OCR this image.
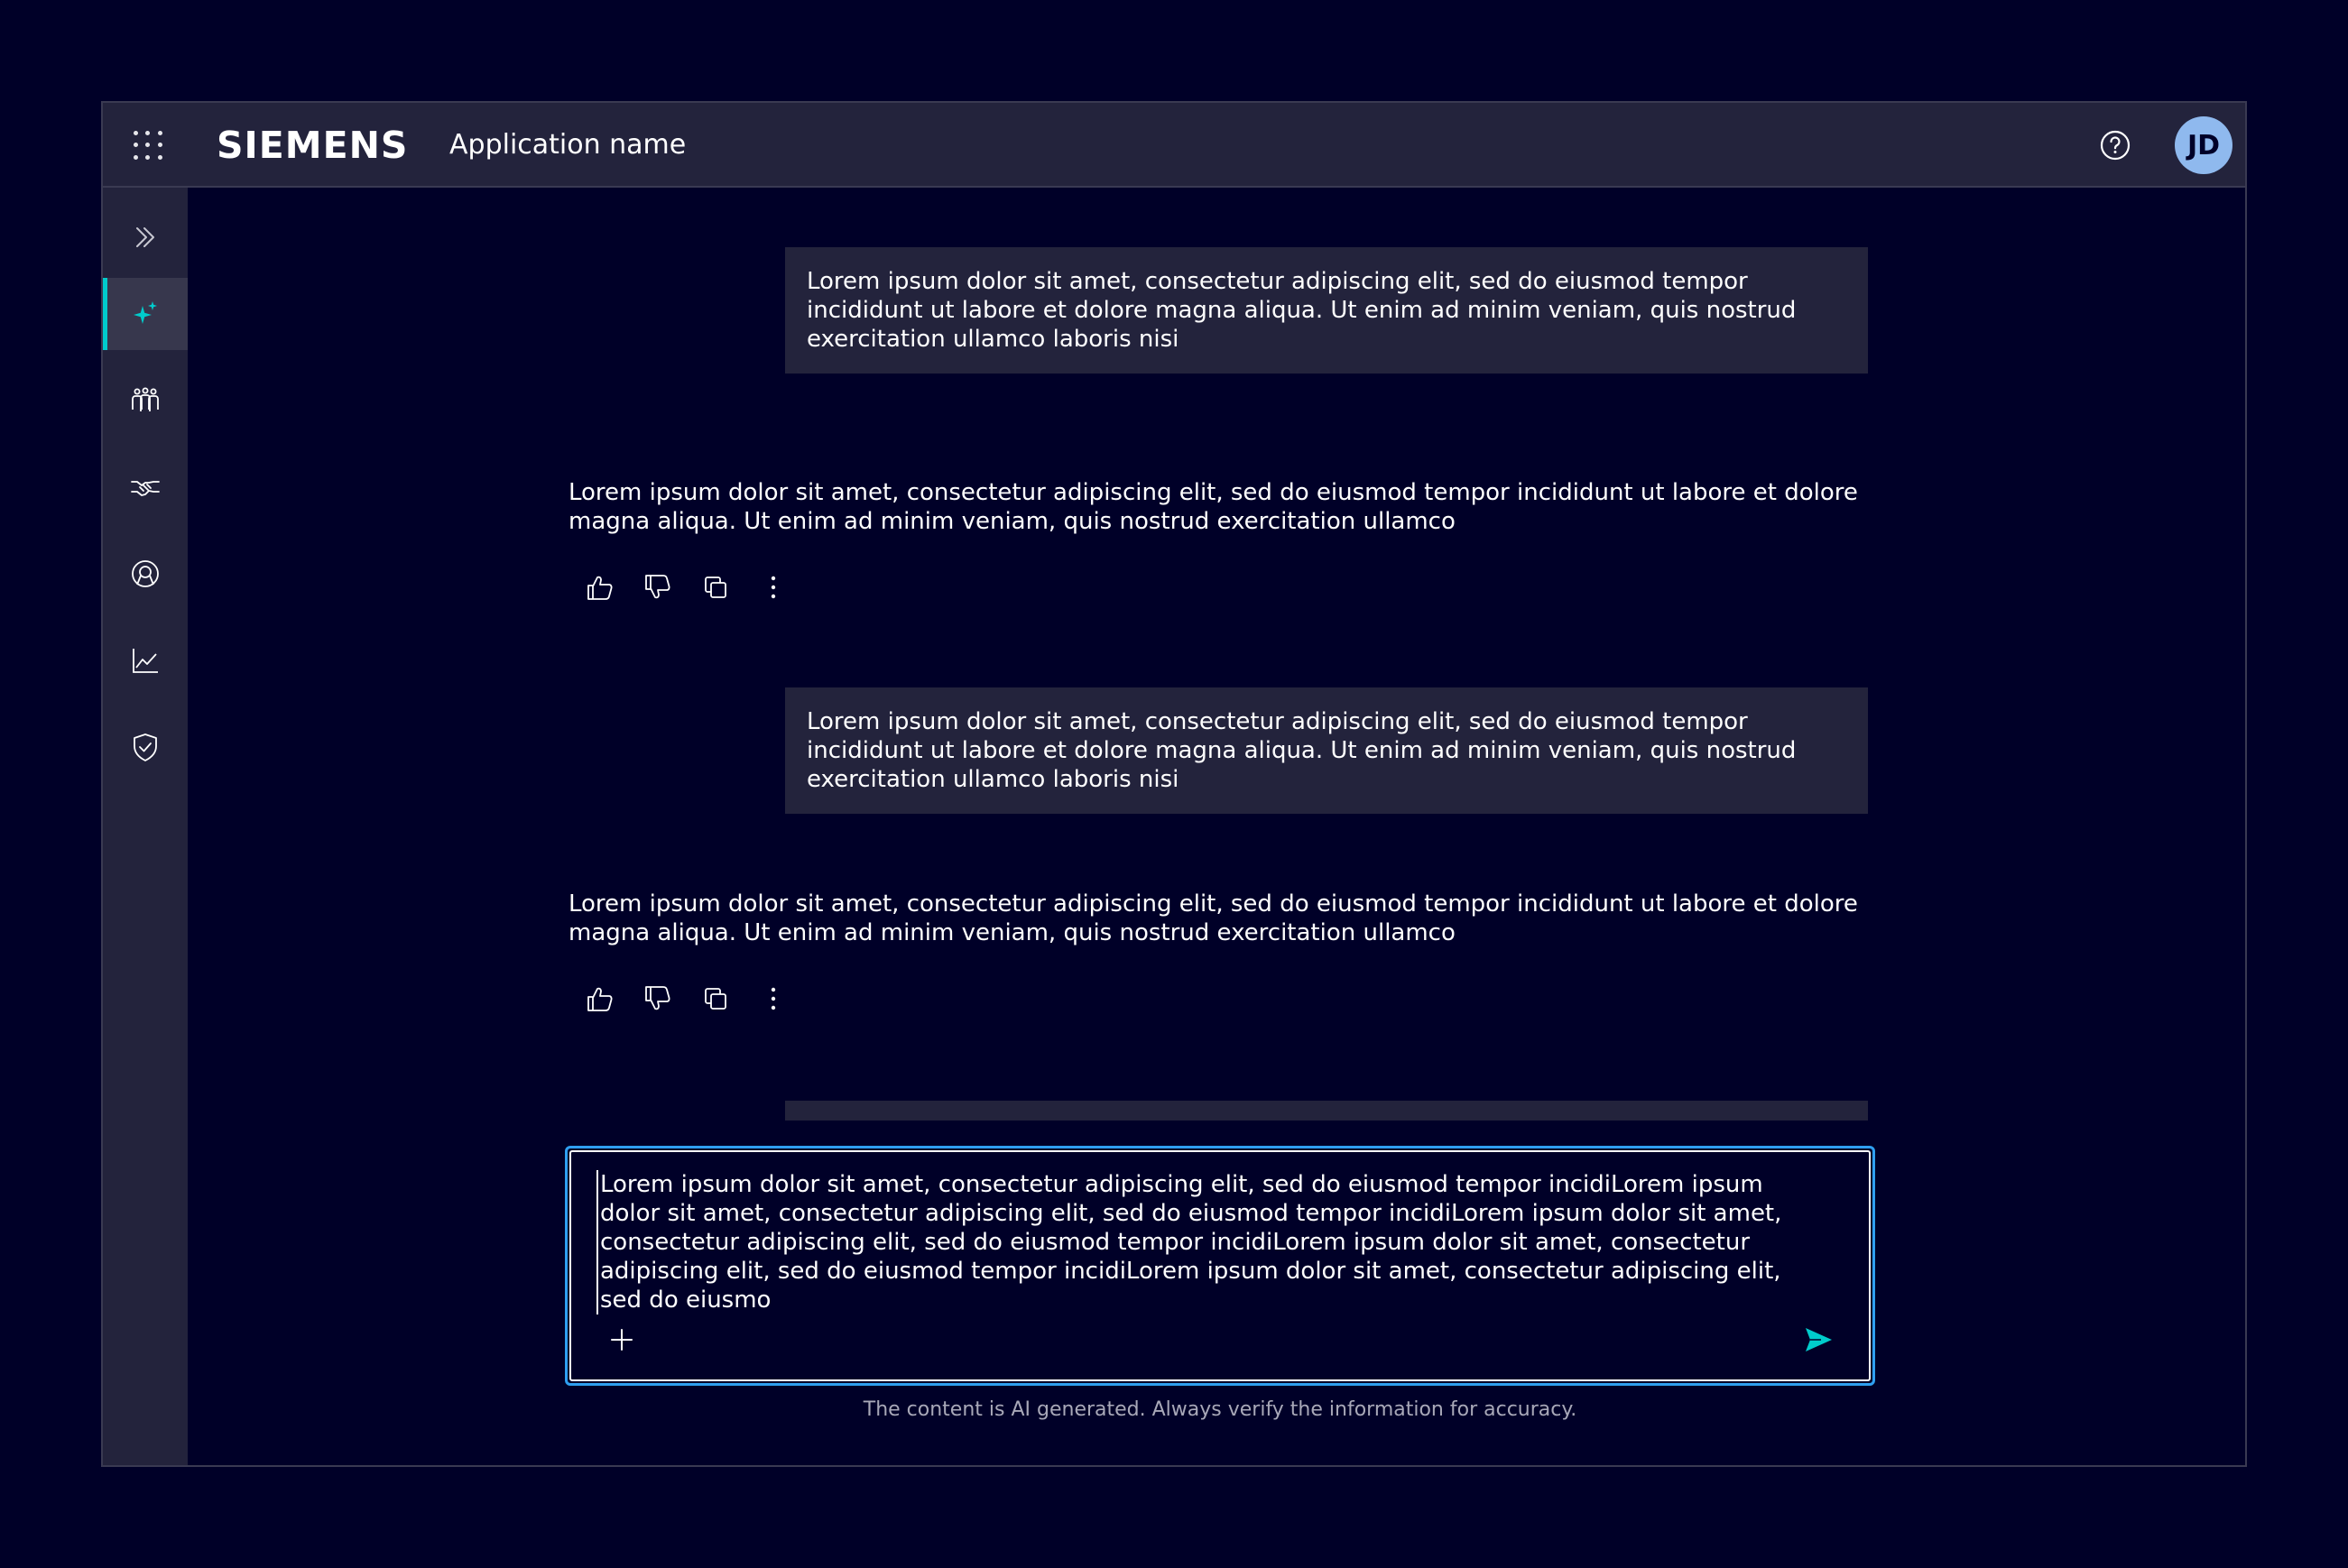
SIEMENS Application name	JD
Lorem ipsum dolor sit amet, consectetur adipiscing elit, sed do eiusmod tempor incididunt ut labore et dolore magna aliqua. Ut enim ad minim veniam, quis nostrud exercitation ullamco laboris nisi
Lorem ipsum dolor sit amet, consectetur adipiscing elit, sed do eiusmod tempor incididunt ut labore et dolore magna aliqua. Ut enim ad minim veniam, quis nostrud exercitation ullamco
Lorem ipsum dolor sit amet, consectetur adipiscing elit, sed do eiusmod tempor incididunt ut labore et dolore magna aliqua. Ut enim ad minim veniam, quis nostrud exercitation ullamco laboris nisi
Lorem ipsum dolor sit amet, consectetur adipiscing elit, sed do eiusmod tempor incididunt ut labore et dolore magna aliqua. Ut enim ad minim veniam, quis nostrud exercitation ullamco
Lorem ipsum dolor sit amet, consectetur adipiscing elit, sed do eiusmod tempor incidiLorem ipsum dolor sit amet, consectetur adipiscing elit, sed do eiusmod tempor incidiLorem ipsum dolor sit amet, consectetur adipiscing elit, sed do eiusmod tempor incidiLorem ipsum dolor sit amet, consectetur adipiscing elit, sed do eiusmod tempor incidiLorem ipsum dolor sit amet, consectetur adipiscing elit, sed do eiusmo
The content is AI generated. Always verify the information for accuracy.
